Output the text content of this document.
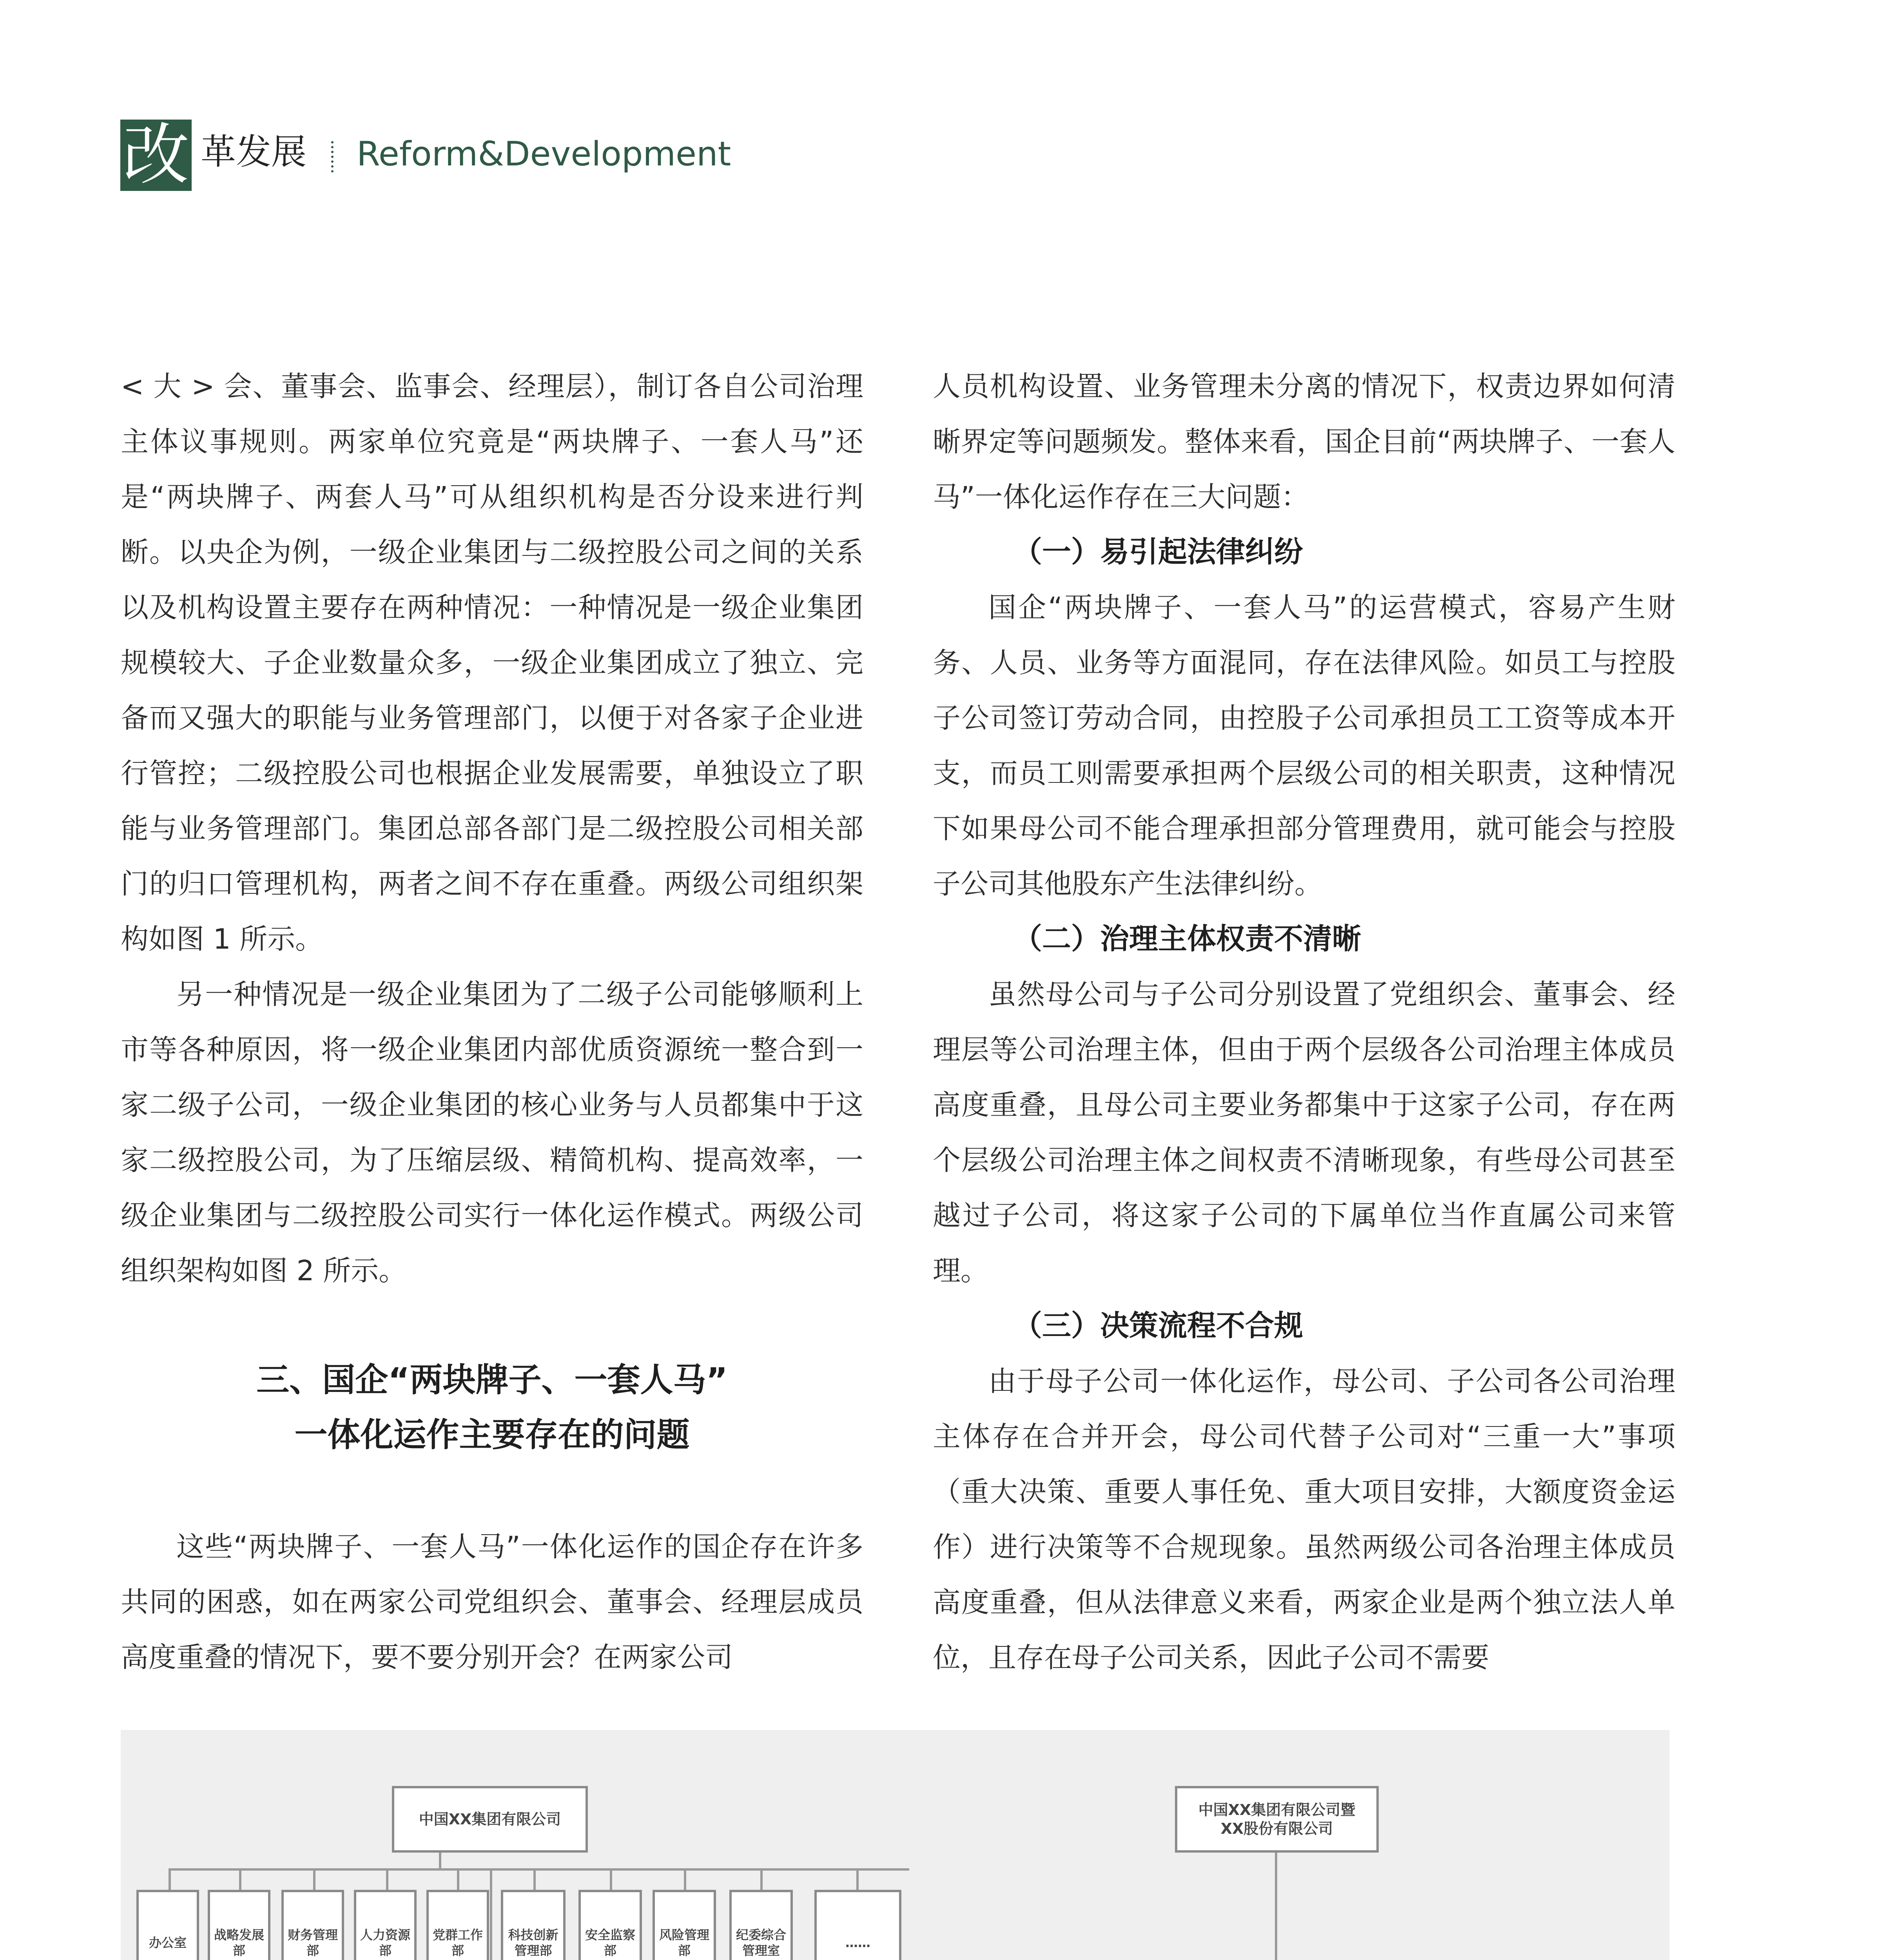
改 革发展 Reform&Development

< 大 > 会、董事会、监事会、经理层），制订各自公司治理主体议事规则。两家单位究竟是“两块牌子、一套人马”还是“两块牌子、两套人马”可从组织机构是否分设来进行判断。以央企为例，一级企业集团与二级控股公司之间的关系以及机构设置主要存在两种情况：一种情况是一级企业集团规模较大、子企业数量众多，一级企业集团成立了独立、完备而又强大的职能与业务管理部门，以便于对各家子企业进行管控；二级控股公司也根据企业发展需要，单独设立了职能与业务管理部门。集团总部各部门是二级控股公司相关部门的归口管理机构，两者之间不存在重叠。两级公司组织架构如图 1 所示。

另一种情况是一级企业集团为了二级子公司能够顺利上市等各种原因，将一级企业集团内部优质资源统一整合到一家二级子公司，一级企业集团的核心业务与人员都集中于这家二级控股公司，为了压缩层级、精简机构、提高效率，一级企业集团与二级控股公司实行一体化运作模式。两级公司组织架构如图 2 所示。

三、国企“两块牌子、一套人马”
一体化运作主要存在的问题

这些“两块牌子、一套人马”一体化运作的国企存在许多共同的困惑，如在两家公司党组织会、董事会、经理层成员高度重叠的情况下，要不要分别开会？在两家公司

人员机构设置、业务管理未分离的情况下，权责边界如何清晰界定等问题频发。整体来看，国企目前“两块牌子、一套人马”一体化运作存在三大问题：

（一）易引起法律纠纷

国企“两块牌子、一套人马”的运营模式，容易产生财务、人员、业务等方面混同，存在法律风险。如员工与控股子公司签订劳动合同，由控股子公司承担员工工资等成本开支，而员工则需要承担两个层级公司的相关职责，这种情况下如果母公司不能合理承担部分管理费用，就可能会与控股子公司其他股东产生法律纠纷。

（二）治理主体权责不清晰

虽然母公司与子公司分别设置了党组织会、董事会、经理层等公司治理主体，但由于两个层级各公司治理主体成员高度重叠，且母公司主要业务都集中于这家子公司，存在两个层级公司治理主体之间权责不清晰现象，有些母公司甚至越过子公司，将这家子公司的下属单位当作直属公司来管理。

（三）决策流程不合规

由于母子公司一体化运作，母公司、子公司各公司治理主体存在合并开会，母公司代替子公司对“三重一大”事项（重大决策、重要人事任免、重大项目安排，大额度资金运作）进行决策等不合规现象。虽然两级公司各治理主体成员高度重叠，但从法律意义来看，两家企业是两个独立法人单位，且存在母子公司关系，因此子公司不需要

中国XX集团有限公司
办公室
战略发展部
财务管理部
人力资源部
党群工作部
科技创新管理部
安全监察部
风险管理部
纪委综合管理室
……
中国XX集团有限公司暨
XX股份有限公司
